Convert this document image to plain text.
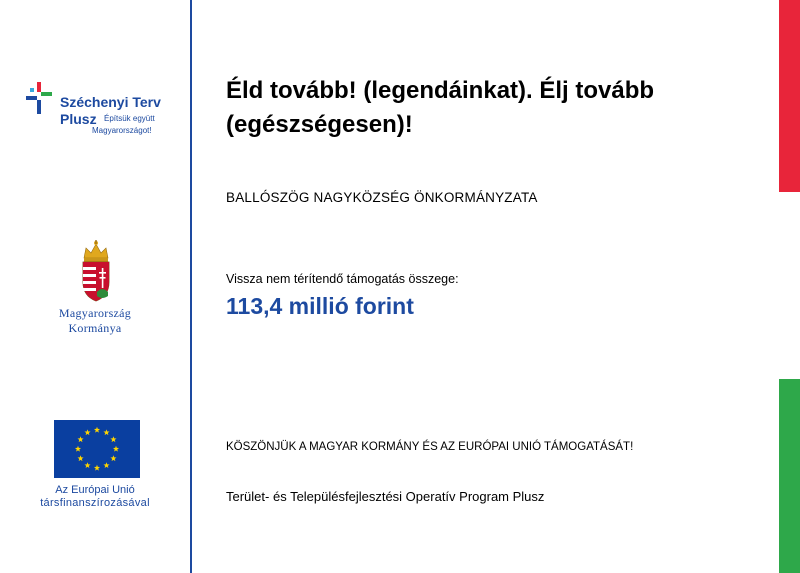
Széchenyi Terv
Plusz Építsük együtt
Magyarországot!
Magyarország
Kormánya
Az Európai Unió
társfinanszírozásával
Éld tovább! (legendáinkat). Élj tovább (egészségesen)!
BALLÓSZÖG NAGYKÖZSÉG ÖNKORMÁNYZATA
Vissza nem térítendő támogatás összege:
113,4 millió forint
KÖSZÖNJÜK A MAGYAR KORMÁNY ÉS AZ EURÓPAI UNIÓ TÁMOGATÁSÁT!
Terület- és Településfejlesztési Operatív Program Plusz
